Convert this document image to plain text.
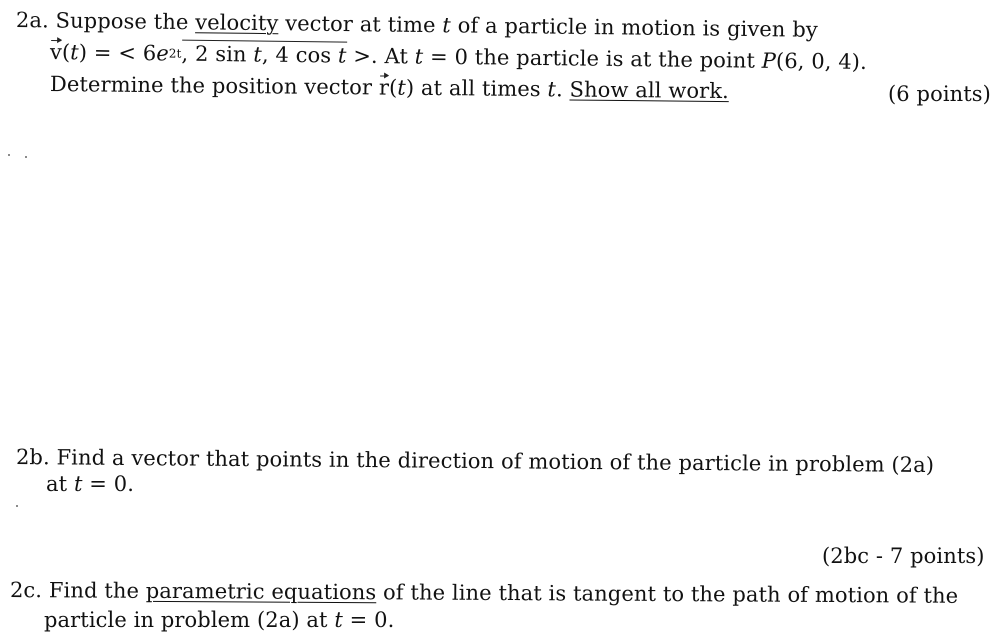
2a. Suppose the velocity vector at time t of a particle in motion is given by
v(t) = < $6e^{2t}$, 2 sin t, 4 cos t >. At t = 0 the particle is at the point P(6, 0, 4).
Determine the position vector r(t) at all times t. Show all work.	(6 points)
2b. Find a vector that points in the direction of motion of the particle in problem (2a)
at t = 0.
(2bc - 7 points)
2c. Find the parametric equations of the line that is tangent to the path of motion of the
particle in problem (2a) at t = 0.
